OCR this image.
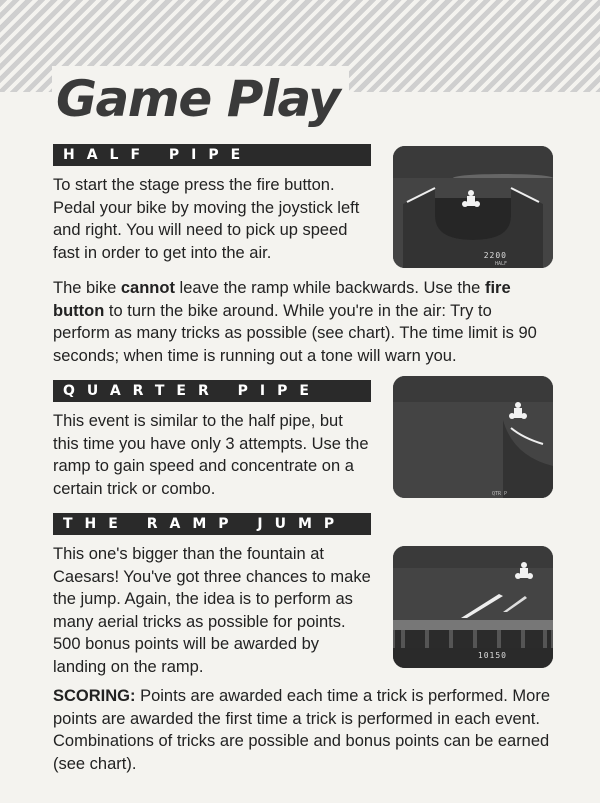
Game Play
HALF PIPE

To start the stage press the fire button. Pedal your bike by moving the joystick left and right. You will need to pick up speed fast in order to get into the air.	2200
HALF

The bike cannot leave the ramp while backwards. Use the fire button to turn the bike around. While you're in the air: Try to perform as many tricks as possible (see chart). The time limit is 90 seconds; when time is running out a tone will warn you.

QUARTER PIPE

This event is similar to the half pipe, but this time you have only 3 attempts. Use the ramp to gain speed and concentrate on a certain trick or combo.	QTR P
THE RAMP JUMP

This one's bigger than the fountain at Caesars! You've got three chances to make the jump. Again, the idea is to perform as many aerial tricks as possible for points. 500 bonus points will be awarded by landing on the ramp.

10150

SCORING: Points are awarded each time a trick is performed. More points are awarded the first time a trick is performed in each event. Combinations of tricks are possible and bonus points can be earned (see chart).
